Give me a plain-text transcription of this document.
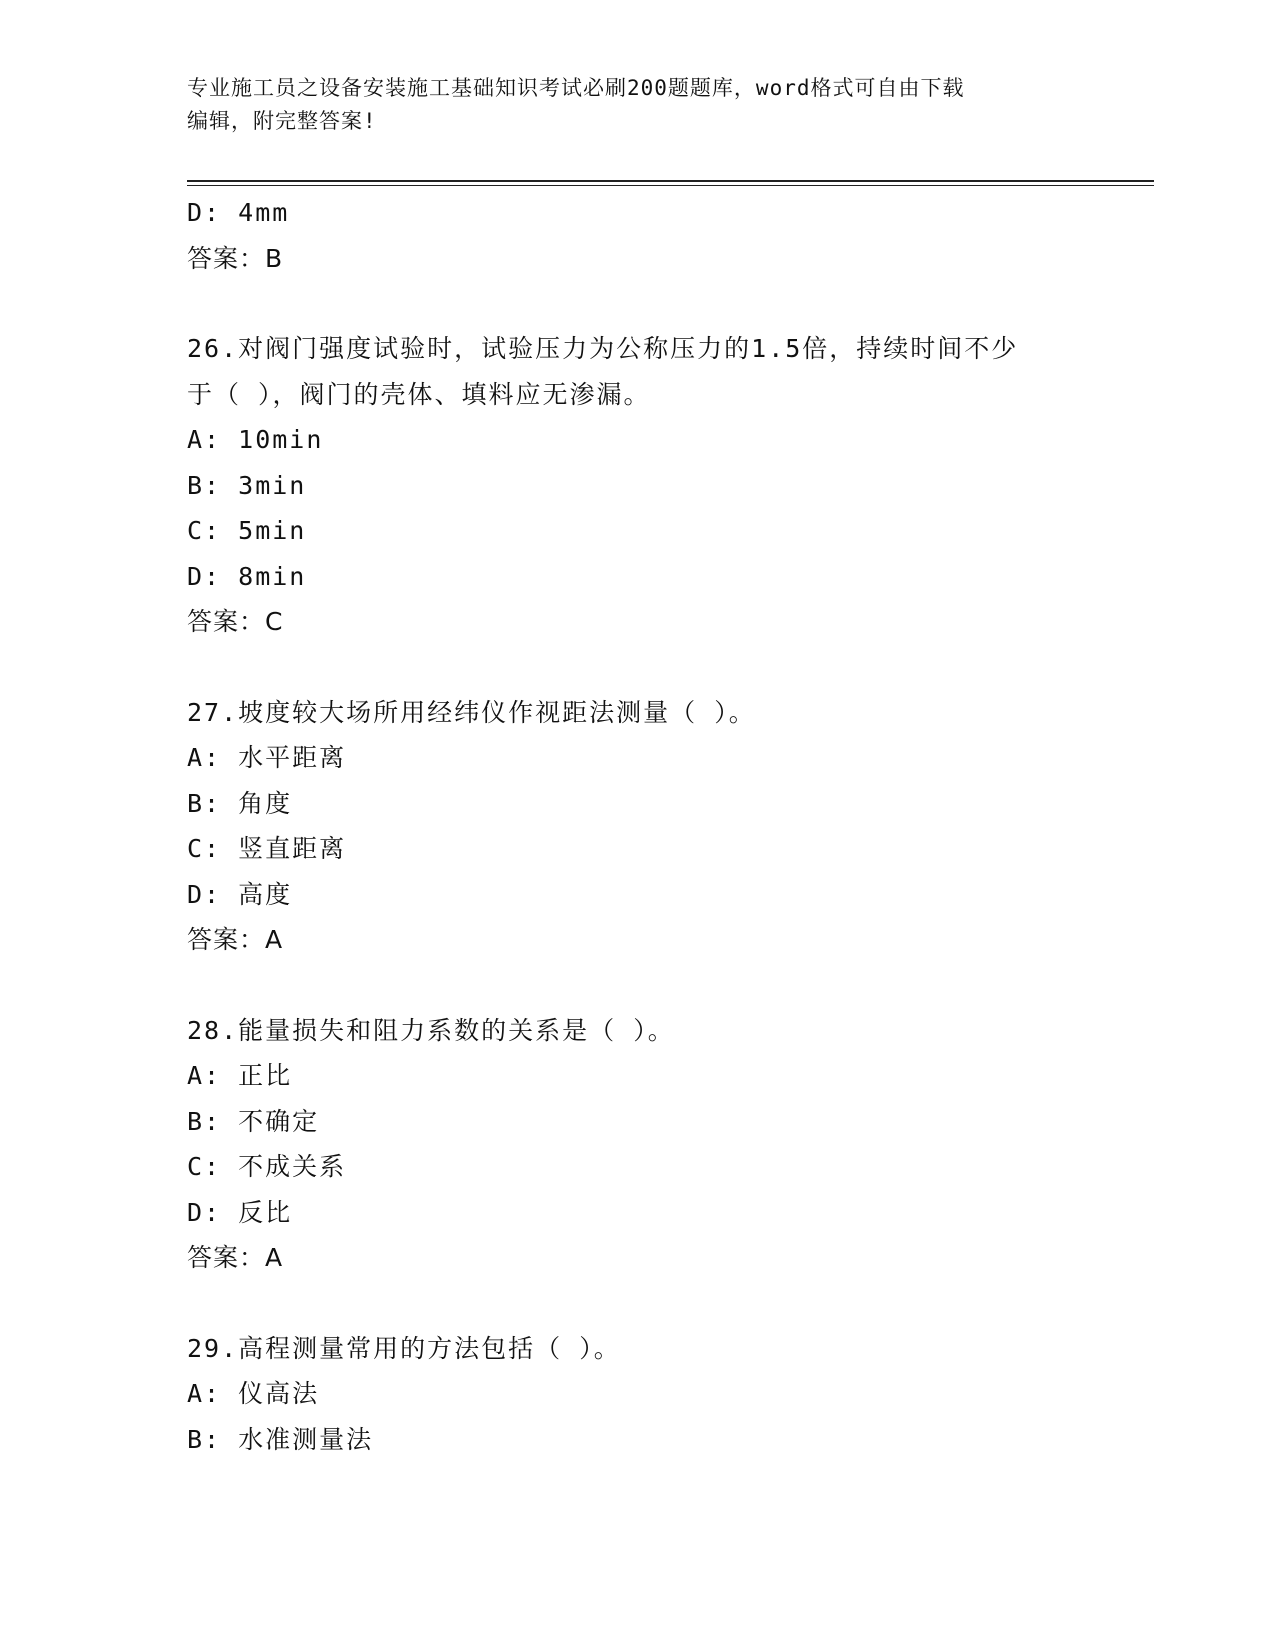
专业施工员之设备安装施工基础知识考试必刷200题题库，word格式可自由下载
编辑，附完整答案!
D: 4mm
答案：B
26.对阀门强度试验时，试验压力为公称压力的1.5倍，持续时间不少
于（ ），阀门的壳体、填料应无渗漏。
A: 10min
B: 3min
C: 5min
D: 8min
答案：C
27.坡度较大场所用经纬仪作视距法测量（ ）。
A: 水平距离
B: 角度
C: 竖直距离
D: 高度
答案：A
28.能量损失和阻力系数的关系是（ ）。
A: 正比
B: 不确定
C: 不成关系
D: 反比
答案：A
29.高程测量常用的方法包括（ ）。
A: 仪高法
B: 水准测量法
